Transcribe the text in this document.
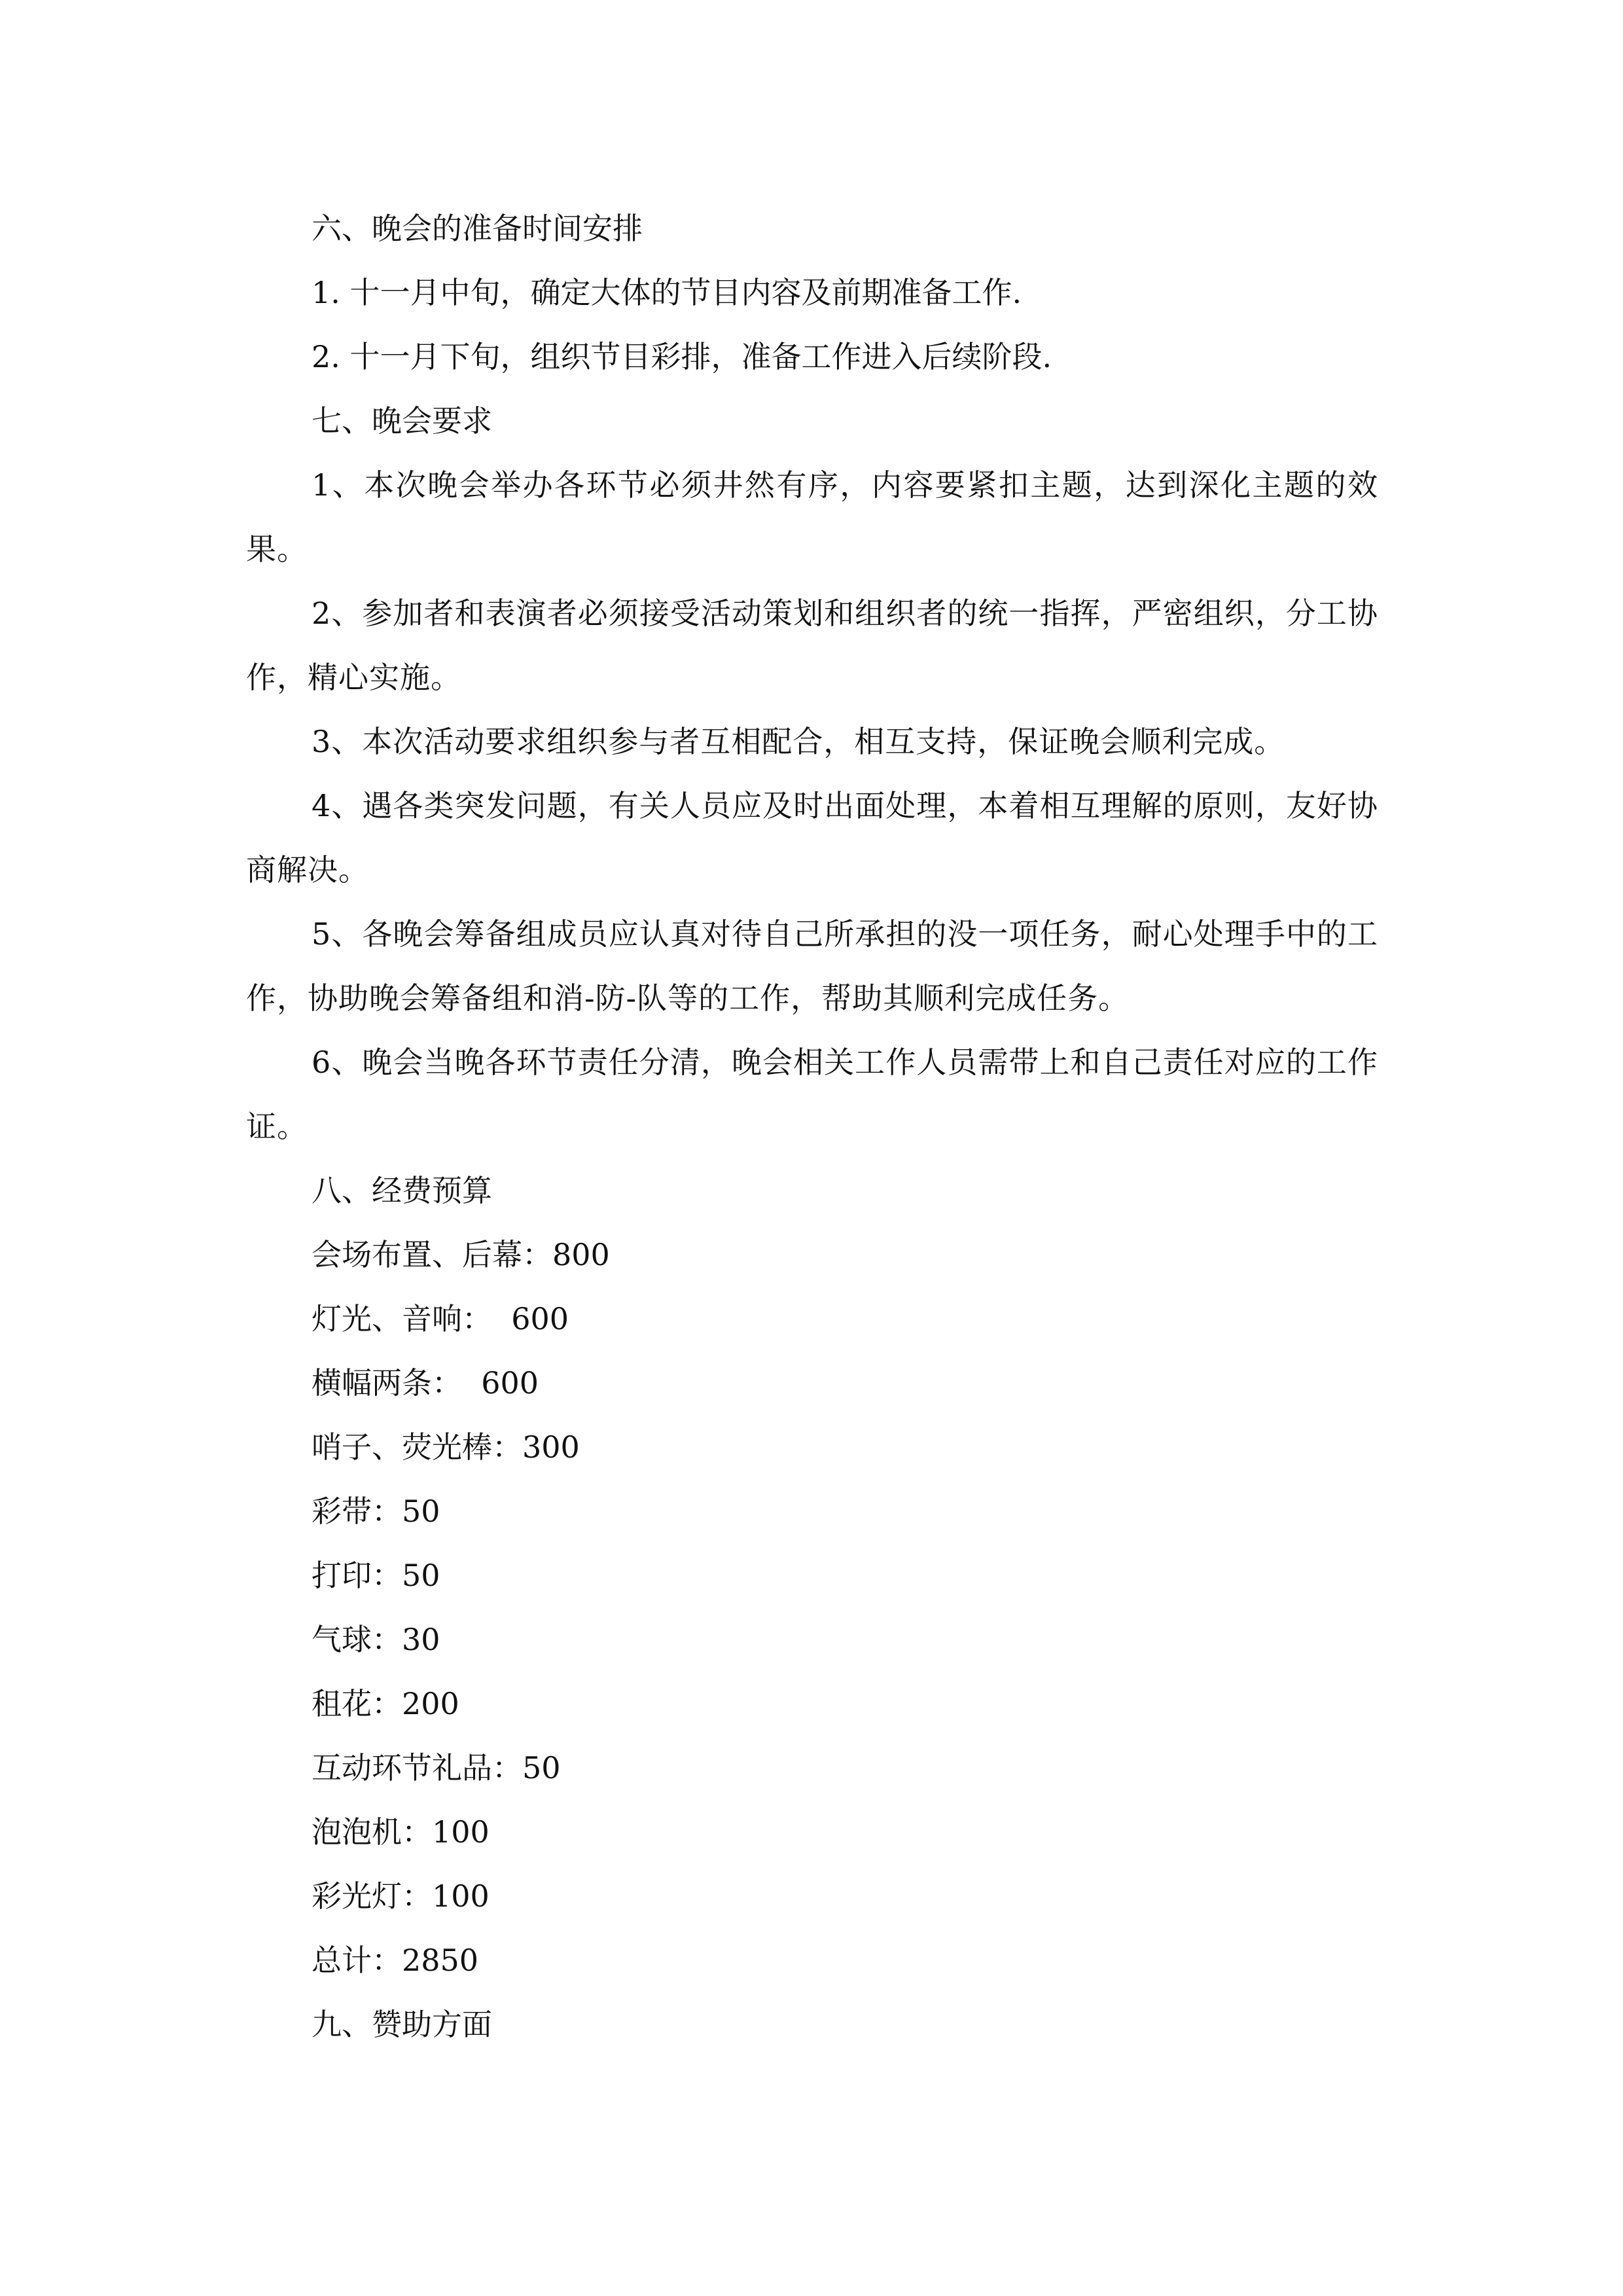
六、晚会的准备时间安排

1. 十一月中旬，确定大体的节目内容及前期准备工作.

2. 十一月下旬，组织节目彩排，准备工作进入后续阶段.

七、晚会要求

1、本次晚会举办各环节必须井然有序，内容要紧扣主题，达到深化主题的效果。

2、参加者和表演者必须接受活动策划和组织者的统一指挥，严密组织，分工协作，精心实施。

3、本次活动要求组织参与者互相配合，相互支持，保证晚会顺利完成。

4、遇各类突发问题，有关人员应及时出面处理，本着相互理解的原则，友好协商解决。

5、各晚会筹备组成员应认真对待自己所承担的没一项任务，耐心处理手中的工作，协助晚会筹备组和消-防-队等的工作，帮助其顺利完成任务。

6、晚会当晚各环节责任分清，晚会相关工作人员需带上和自己责任对应的工作证。

八、经费预算

会场布置、后幕：800

灯光、音响：  600

横幅两条：  600

哨子、荧光棒：300

彩带：50

打印：50

气球：30

租花：200

互动环节礼品：50

泡泡机：100

彩光灯：100

总计：2850

九、赞助方面
